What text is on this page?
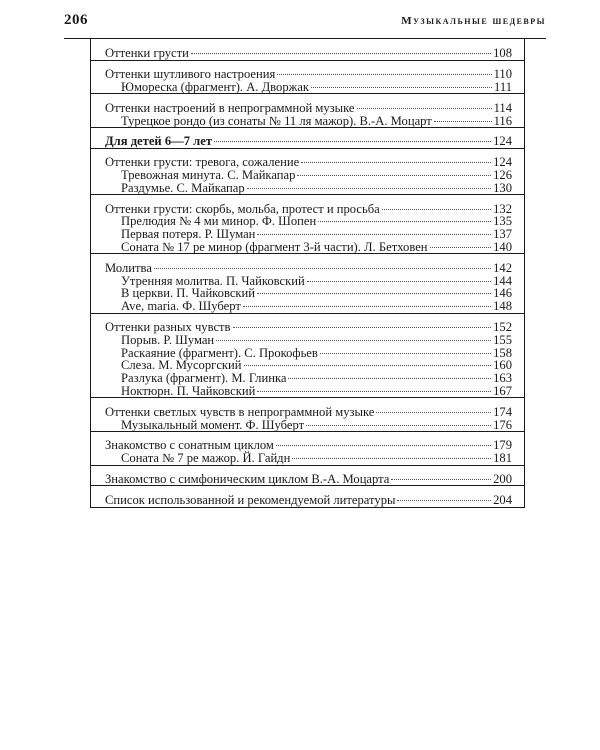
206	Музыкальные шедевры
Оттенки грусти	108
Оттенки шутливого настроения	110
Юмореска (фрагмент). А. Дворжак	111
Оттенки настроений в непрограммной музыке	114
Турецкое рондо (из сонаты № 11 ля мажор). В.-А. Моцарт	116
Для детей 6—7 лет	124
Оттенки грусти: тревога, сожаление	124
Тревожная минута. С. Майкапар	126
Раздумье. С. Майкапар	130
Оттенки грусти: скорбь, мольба, протест и просьба	132
Прелюдия № 4 ми минор. Ф. Шопен	135
Первая потеря. Р. Шуман	137
Соната № 17 ре минор (фрагмент 3-й части). Л. Бетховен	140
Молитва	142
Утренняя молитва. П. Чайковский	144
В церкви. П. Чайковский	146
Ave, maria. Ф. Шуберт	148
Оттенки разных чувств	152
Порыв. Р. Шуман	155
Раскаяние (фрагмент). С. Прокофьев	158
Слеза. М. Мусоргский	160
Разлука (фрагмент). М. Глинка	163
Ноктюрн. П. Чайковский	167
Оттенки светлых чувств в непрограммной музыке	174
Музыкальный момент. Ф. Шуберт	176
Знакомство с сонатным циклом	179
Соната № 7 ре мажор. Й. Гайдн	181
Знакомство с симфоническим циклом В.-А. Моцарта	200
Список использованной и рекомендуемой литературы	204
